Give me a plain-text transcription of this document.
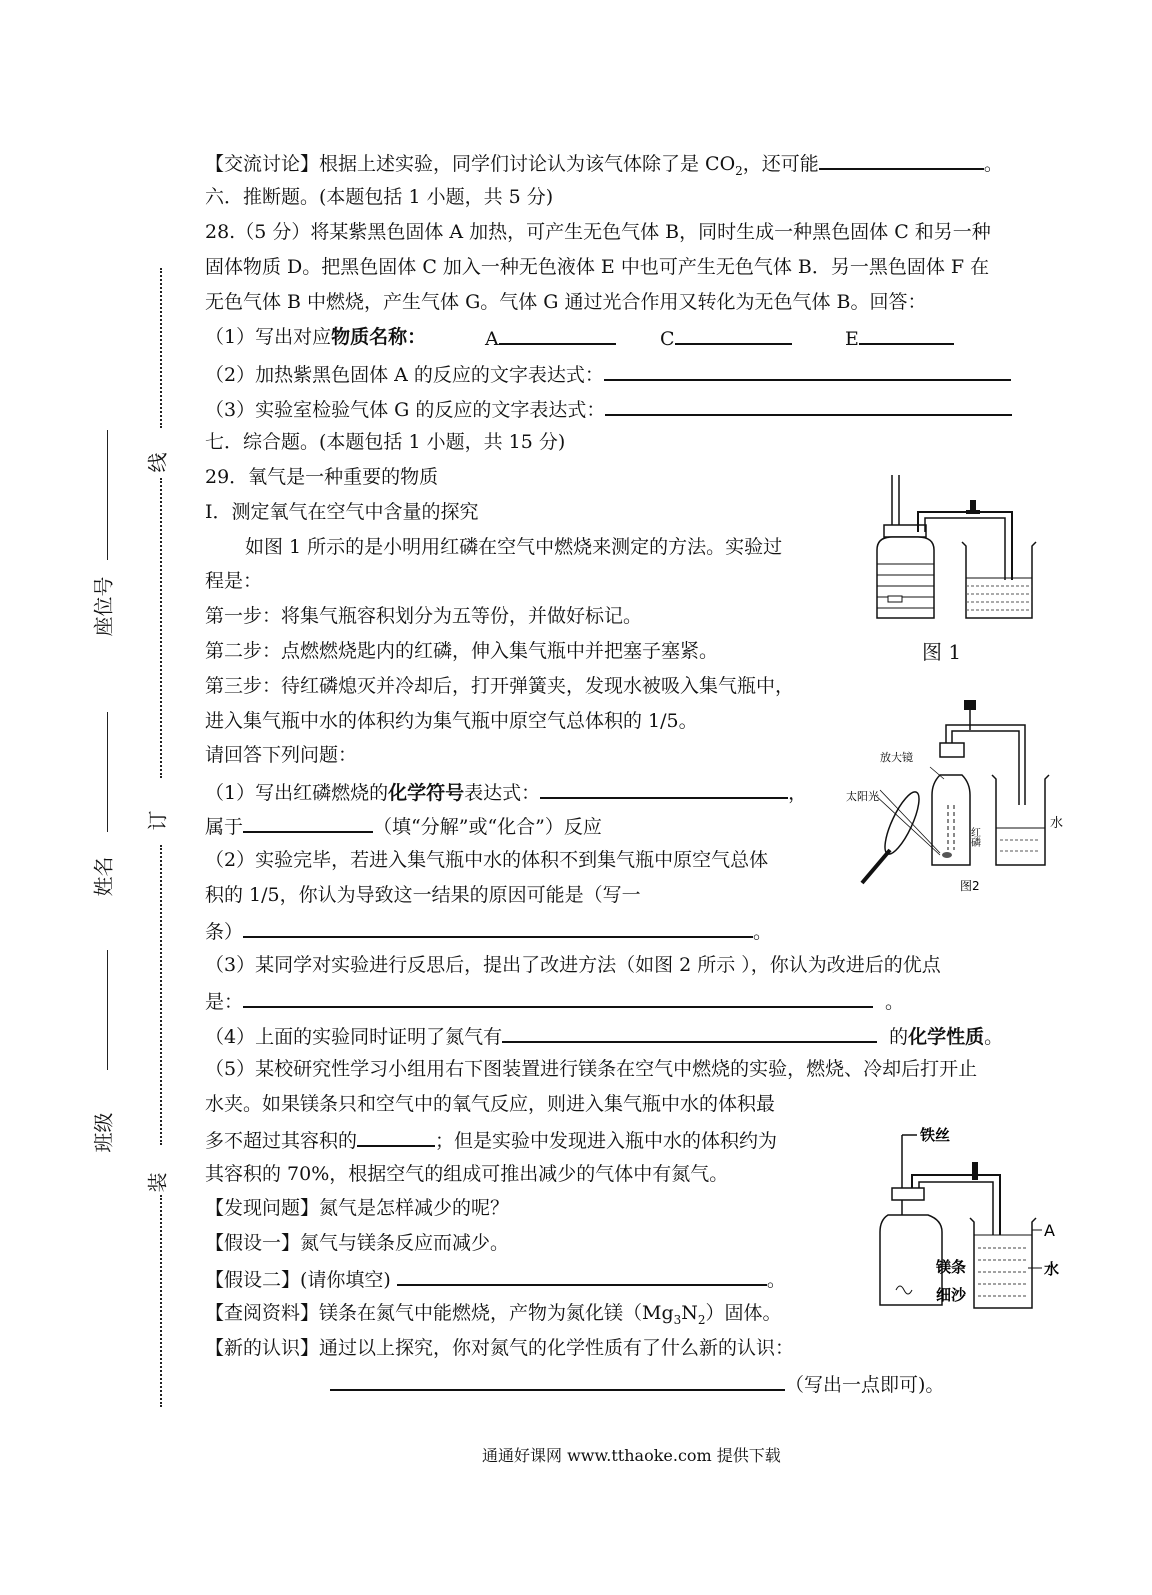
线
订
装
座位号
姓名
班级
【交流讨论】根据上述实验，同学们讨论认为该气体除了是 $CO_2$，还可能	。
六．推断题。(本题包括 1 小题，共 5 分)
28.（5 分）将某紫黑色固体 A 加热，可产生无色气体 B，同时生成一种黑色固体 C 和另一种
固体物质 D。把黑色固体 C 加入一种无色液体 E 中也可产生无色气体 B．另一黑色固体 F 在
无色气体 B 中燃烧，产生气体 G。气体 G 通过光合作用又转化为无色气体 B。回答：
（1）写出对应物质名称：	A	C	E
（2）加热紫黑色固体 A 的反应的文字表达式：
（3）实验室检验气体 G 的反应的文字表达式：
七．综合题。(本题包括 1 小题，共 15 分)
29．氧气是一种重要的物质
Ⅰ．测定氧气在空气中含量的探究
如图 1 所示的是小明用红磷在空气中燃烧来测定的方法。实验过
程是：
第一步：将集气瓶容积划分为五等份，并做好标记。
第二步：点燃燃烧匙内的红磷，伸入集气瓶中并把塞子塞紧。
第三步：待红磷熄灭并冷却后，打开弹簧夹，发现水被吸入集气瓶中，
进入集气瓶中水的体积约为集气瓶中原空气总体积的 1/5。
请回答下列问题：
（1）写出红磷燃烧的化学符号表达式：	，
属于	（填“分解”或“化合”）反应
（2）实验完毕，若进入集气瓶中水的体积不到集气瓶中原空气总体
积的 1/5，你认为导致这一结果的原因可能是（写一
条）	。
（3）某同学对实验进行反思后，提出了改进方法（如图 2 所示 ），你认为改进后的优点
是：	。
（4）上面的实验同时证明了氮气有	的化学性质。
（5）某校研究性学习小组用右下图装置进行镁条在空气中燃烧的实验，燃烧、冷却后打开止
水夹。如果镁条只和空气中的氧气反应，则进入集气瓶中水的体积最
多不超过其容积的	；但是实验中发现进入瓶中水的体积约为
其容积的 70%，根据空气的组成可推出减少的气体中有氮气。
【发现问题】氮气是怎样减少的呢？
【假设一】氮气与镁条反应而减少。
【假设二】(请你填空)	。
【查阅资料】镁条在氮气中能燃烧，产物为氮化镁$(Mg_3N_2)$固体。
【新的认识】通过以上探究，你对氮气的化学性质有了什么新的认识：
（写出一点即可)。
图 1
放大镜
太阳光
红磷
水
图2
铁丝
A
水
镁条
细沙
通通好课网 www.tthaoke.com 提供下载
